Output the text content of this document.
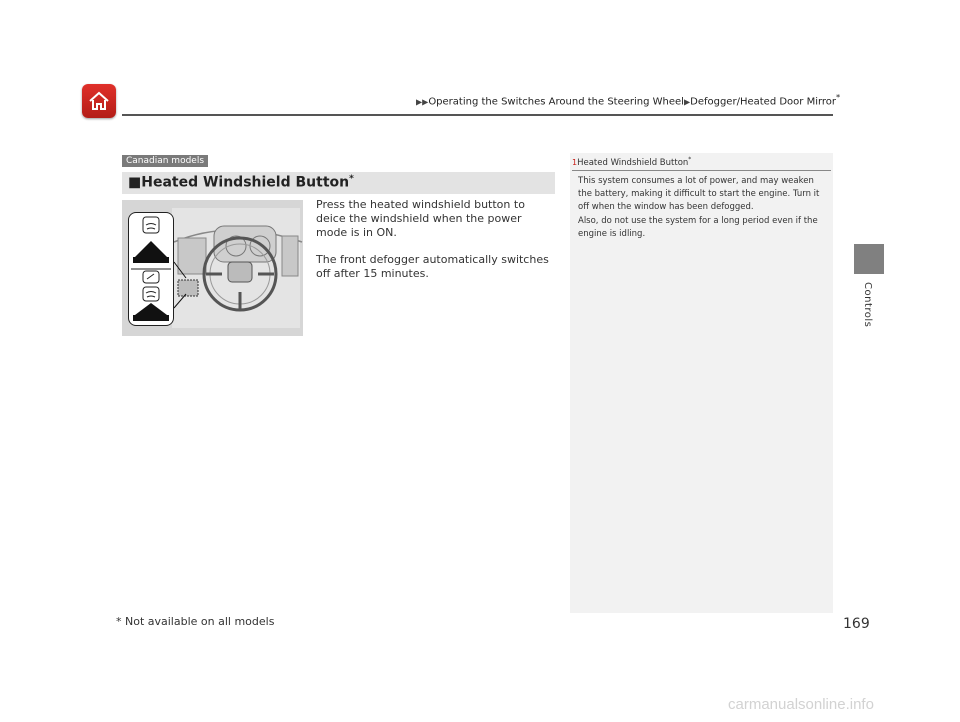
▶▶Operating the Switches Around the Steering Wheel▶Defogger/Heated Door Mirror*
Controls
Canadian models
■Heated Windshield Button*

Press the heated windshield button to deice the windshield when the power mode is in ON.

The front defogger automatically switches off after 15 minutes.

1Heated Windshield Button*
This system consumes a lot of power, and may weaken the battery, making it difficult to start the engine. Turn it off when the window has been defogged.
Also, do not use the system for a long period even if the engine is idling.
* Not available on all models	169
carmanualsonline.info
